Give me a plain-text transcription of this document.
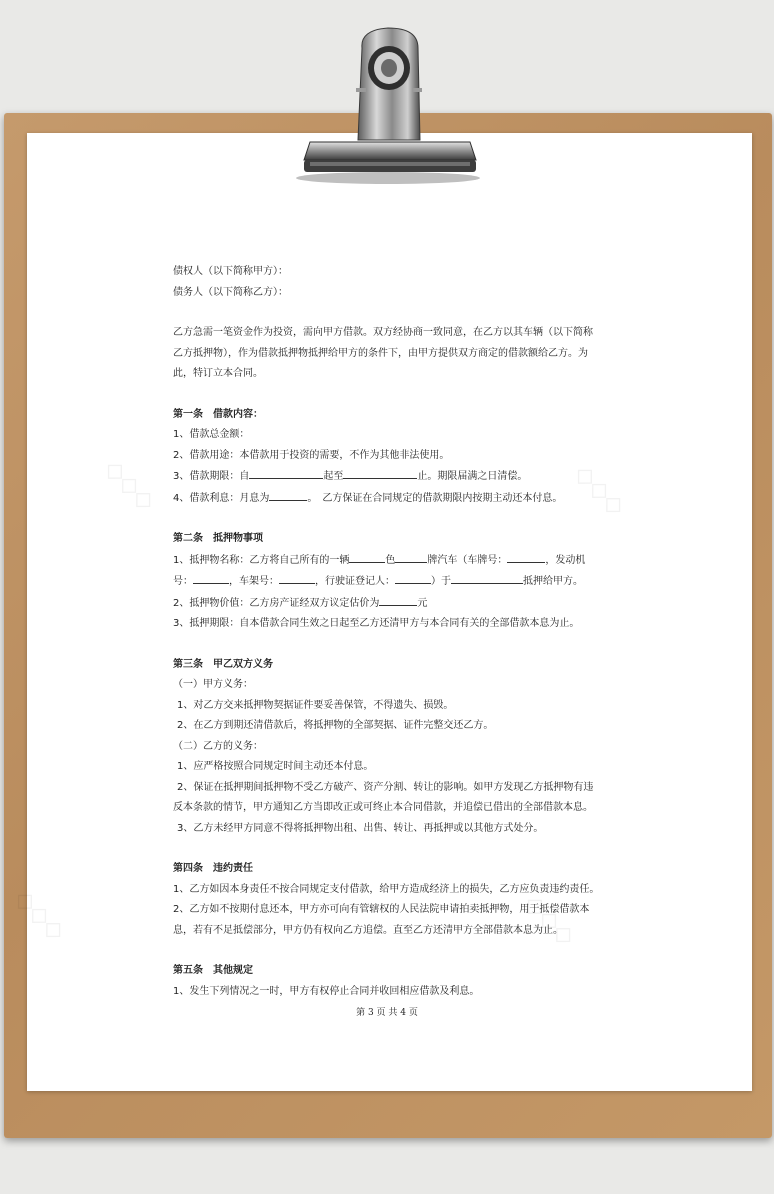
◇◇◇
◇◇◇
◇◇◇	◇◇◇

债权人（以下简称甲方）：

债务人（以下简称乙方）：

乙方急需一笔资金作为投资，需向甲方借款。双方经协商一致同意，在乙方以其车辆（以下简称

乙方抵押物），作为借款抵押物抵押给甲方的条件下，由甲方提供双方商定的借款额给乙方。为

此，特订立本合同。

第一条　借款内容：

1、借款总金额：

2、借款用途：本借款用于投资的需要，不作为其他非法使用。

3、借款期限：自	起至	止。期限届满之日清偿。

4、借款利息：月息为	。　乙方保证在合同规定的借款期限内按期主动还本付息。

第二条　抵押物事项

1、抵押物名称：乙方将自己所有的一辆	色	牌汽车（车牌号：	，发动机

号：	，车架号：	，行驶证登记人：	）于	抵押给甲方。

2、抵押物价值：乙方房产证经双方议定估价为	元

3、抵押期限：自本借款合同生效之日起至乙方还清甲方与本合同有关的全部借款本息为止。

第三条　甲乙双方义务

（一）甲方义务：

1、对乙方交来抵押物契据证件要妥善保管，不得遗失、损毁。

2、在乙方到期还清借款后，将抵押物的全部契据、证件完整交还乙方。

（二）乙方的义务：

1、应严格按照合同规定时间主动还本付息。

2、保证在抵押期间抵押物不受乙方破产、资产分割、转让的影响。如甲方发现乙方抵押物有违

反本条款的情节，甲方通知乙方当即改正或可终止本合同借款，并追偿已借出的全部借款本息。

3、乙方未经甲方同意不得将抵押物出租、出售、转让、再抵押或以其他方式处分。

第四条　违约责任

1、乙方如因本身责任不按合同规定支付借款，给甲方造成经济上的损失，乙方应负责违约责任。

2、乙方如不按期付息还本，甲方亦可向有管辖权的人民法院申请拍卖抵押物，用于抵偿借款本

息，若有不足抵偿部分，甲方仍有权向乙方追偿。直至乙方还清甲方全部借款本息为止。

第五条　其他规定

1、发生下列情况之一时，甲方有权停止合同并收回相应借款及利息。

第 3 页 共 4 页
